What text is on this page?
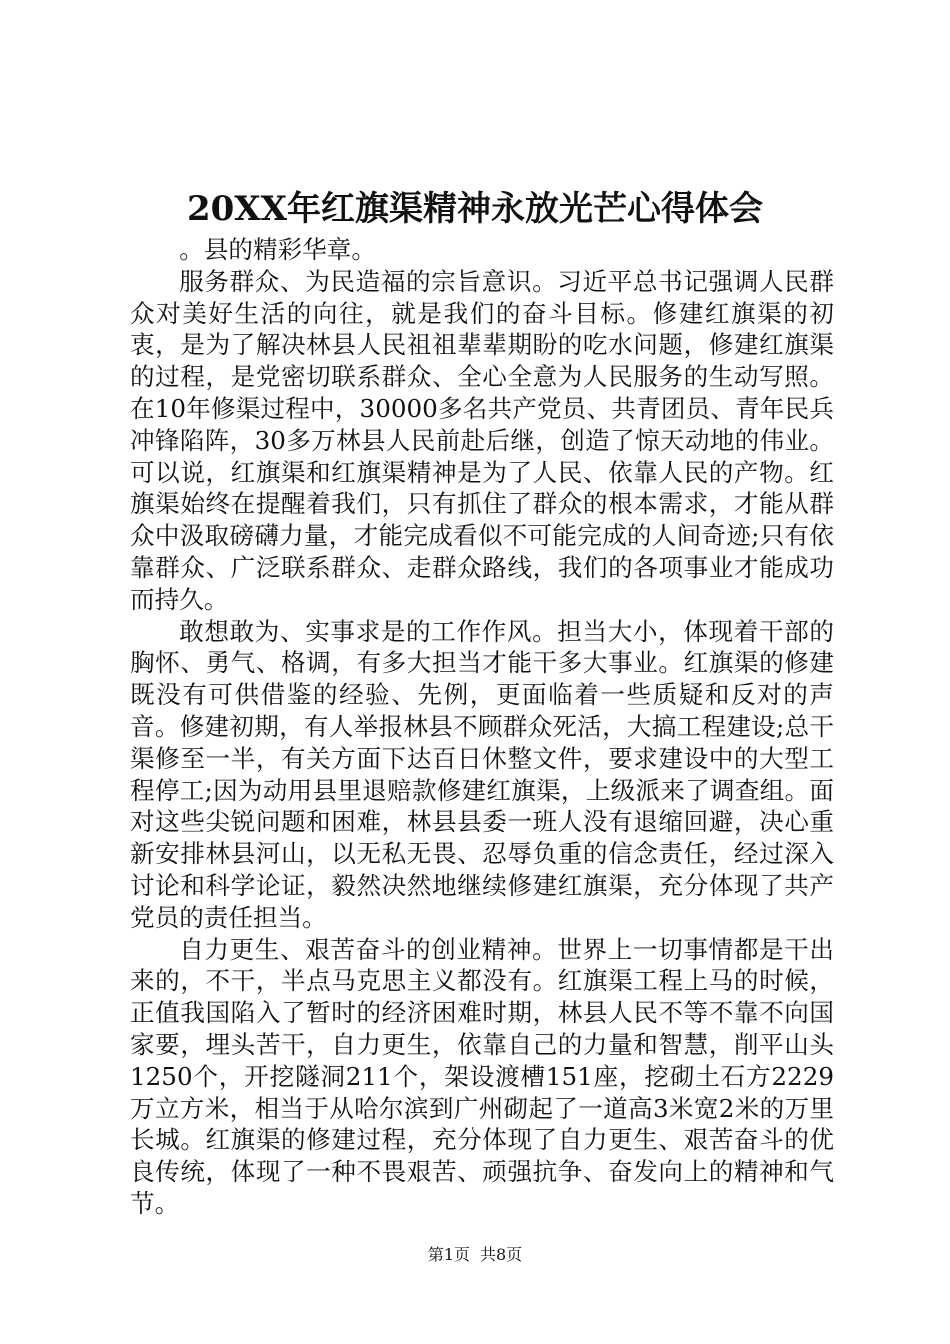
20XX年红旗渠精神永放光芒心得体会

。县的精彩华章。

服务群众、为民造福的宗旨意识。习近平总书记强调人民群众对美好生活的向往，就是我们的奋斗目标。修建红旗渠的初衷，是为了解决林县人民祖祖辈辈期盼的吃水问题，修建红旗渠的过程，是党密切联系群众、全心全意为人民服务的生动写照。在10年修渠过程中，30000多名共产党员、共青团员、青年民兵冲锋陷阵，30多万林县人民前赴后继，创造了惊天动地的伟业。可以说，红旗渠和红旗渠精神是为了人民、依靠人民的产物。红旗渠始终在提醒着我们，只有抓住了群众的根本需求，才能从群众中汲取磅礴力量，才能完成看似不可能完成的人间奇迹;只有依靠群众、广泛联系群众、走群众路线，我们的各项事业才能成功而持久。

敢想敢为、实事求是的工作作风。担当大小，体现着干部的胸怀、勇气、格调，有多大担当才能干多大事业。红旗渠的修建既没有可供借鉴的经验、先例，更面临着一些质疑和反对的声音。修建初期，有人举报林县不顾群众死活，大搞工程建设;总干渠修至一半，有关方面下达百日休整文件，要求建设中的大型工程停工;因为动用县里退赔款修建红旗渠，上级派来了调查组。面对这些尖锐问题和困难，林县县委一班人没有退缩回避，决心重新安排林县河山，以无私无畏、忍辱负重的信念责任，经过深入讨论和科学论证，毅然决然地继续修建红旗渠，充分体现了共产党员的责任担当。

自力更生、艰苦奋斗的创业精神。世界上一切事情都是干出来的，不干，半点马克思主义都没有。红旗渠工程上马的时候，正值我国陷入了暂时的经济困难时期，林县人民不等不靠不向国家要，埋头苦干，自力更生，依靠自己的力量和智慧，削平山头1250个，开挖隧洞211个，架设渡槽151座，挖砌土石方2229万立方米，相当于从哈尔滨到广州砌起了一道高3米宽2米的万里长城。红旗渠的修建过程，充分体现了自力更生、艰苦奋斗的优良传统，体现了一种不畏艰苦、顽强抗争、奋发向上的精神和气节。

第1页 共8页
